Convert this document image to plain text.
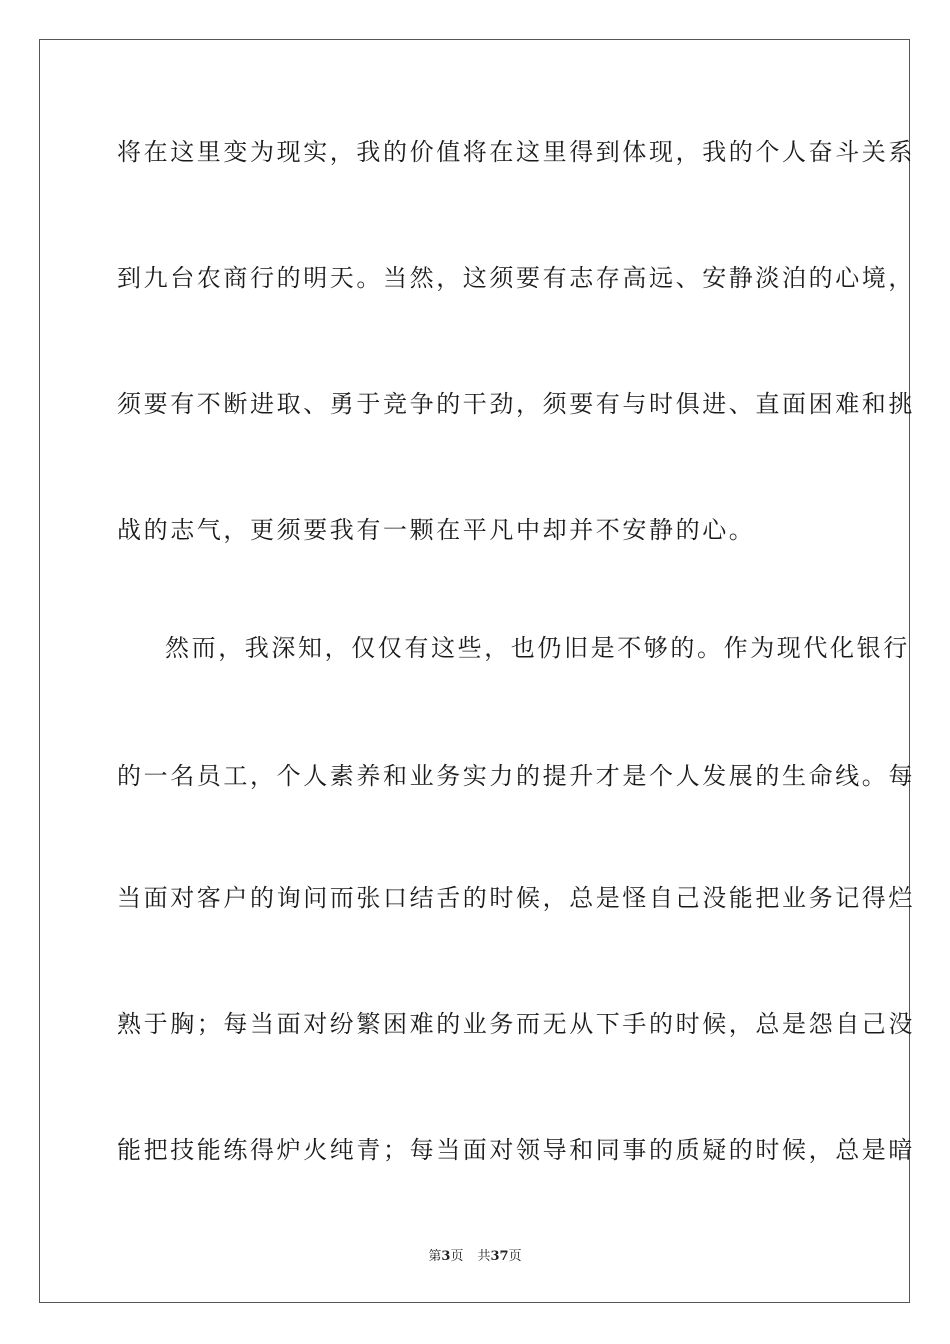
将在这里变为现实，我的价值将在这里得到体现，我的个人奋斗关系
到九台农商行的明天。当然，这须要有志存高远、安静淡泊的心境，
须要有不断进取、勇于竞争的干劲，须要有与时俱进、直面困难和挑
战的志气，更须要我有一颗在平凡中却并不安静的心。
然而，我深知，仅仅有这些，也仍旧是不够的。作为现代化银行
的一名员工，个人素养和业务实力的提升才是个人发展的生命线。每
当面对客户的询问而张口结舌的时候，总是怪自己没能把业务记得烂
熟于胸；每当面对纷繁困难的业务而无从下手的时候，总是怨自己没
能把技能练得炉火纯青；每当面对领导和同事的质疑的时候，总是暗
第3页 共37页
